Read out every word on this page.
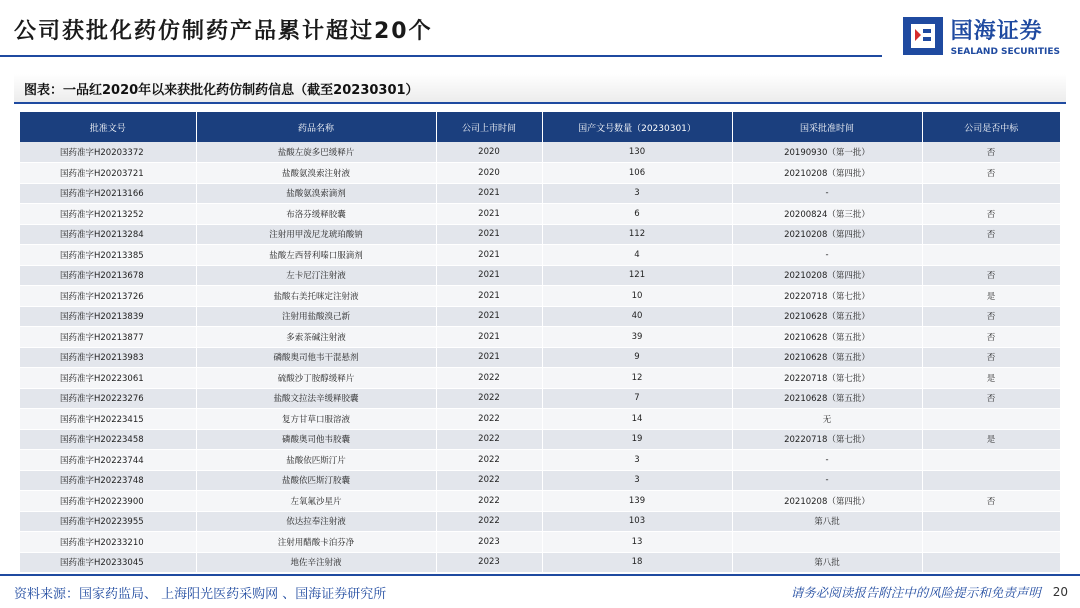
公司获批化药仿制药产品累计超过20个	国海证券
SEALAND SECURITIES
图表：一品红2020年以来获批化药仿制药信息（截至20230301）
批准文号	药品名称	公司上市时间	国产文号数量（20230301）	国采批准时间	公司是否中标
国药准字H20203372	盐酸左旋多巴缓释片	2020	130	20190930（第一批）	否
国药准字H20203721	盐酸氨溴索注射液	2020	106	20210208（第四批）	否
国药准字H20213166	盐酸氨溴索滴剂	2021	3	-	
国药准字H20213252	布洛芬缓释胶囊	2021	6	20200824（第三批）	否
国药准字H20213284	注射用甲泼尼龙琥珀酸钠	2021	112	20210208（第四批）	否
国药准字H20213385	盐酸左西替利嗪口服滴剂	2021	4	-	
国药准字H20213678	左卡尼汀注射液	2021	121	20210208（第四批）	否
国药准字H20213726	盐酸右美托咪定注射液	2021	10	20220718（第七批）	是
国药准字H20213839	注射用盐酸溴己新	2021	40	20210628（第五批）	否
国药准字H20213877	多索茶碱注射液	2021	39	20210628（第五批）	否
国药准字H20213983	磷酸奥司他韦干混悬剂	2021	9	20210628（第五批）	否
国药准字H20223061	硫酸沙丁胺醇缓释片	2022	12	20220718（第七批）	是
国药准字H20223276	盐酸文拉法辛缓释胶囊	2022	7	20210628（第五批）	否
国药准字H20223415	复方甘草口服溶液	2022	14	无	
国药准字H20223458	磷酸奥司他韦胶囊	2022	19	20220718（第七批）	是
国药准字H20223744	盐酸依匹斯汀片	2022	3	-	
国药准字H20223748	盐酸依匹斯汀胶囊	2022	3	-	
国药准字H20223900	左氧氟沙星片	2022	139	20210208（第四批）	否
国药准字H20223955	依达拉奉注射液	2022	103	第八批	
国药准字H20233210	注射用醋酸卡泊芬净	2023	13		
国药准字H20233045	地佐辛注射液	2023	18	第八批	
资料来源：国家药监局、 上海阳光医药采购网 、国海证券研究所	请务必阅读报告附注中的风险提示和免责声明 20
